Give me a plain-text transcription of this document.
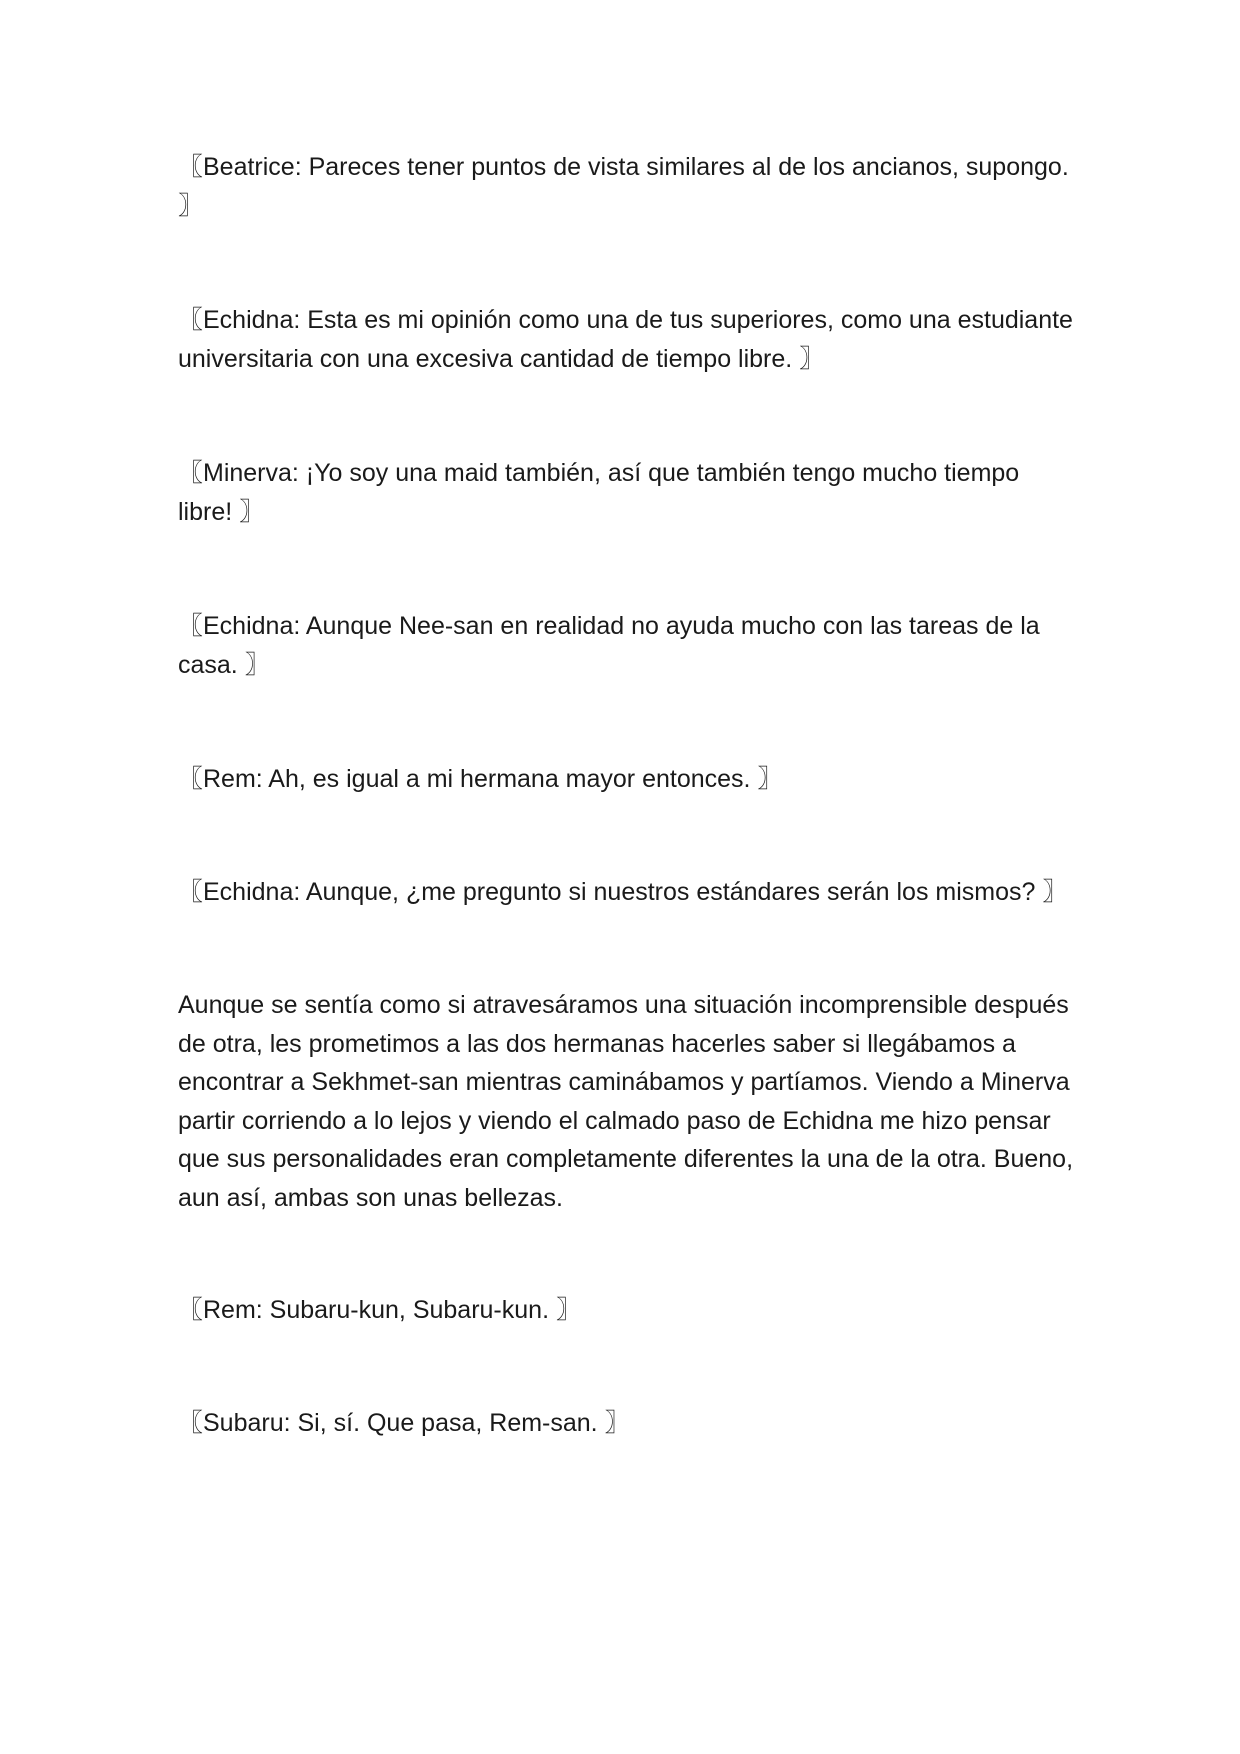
〖Beatrice: Pareces tener puntos de vista similares al de los ancianos, supongo. 〗

〖Echidna: Esta es mi opinión como una de tus superiores, como una estudiante universitaria con una excesiva cantidad de tiempo libre. 〗

〖Minerva: ¡Yo soy una maid también, así que también tengo mucho tiempo libre! 〗

〖Echidna: Aunque Nee-san en realidad no ayuda mucho con las tareas de la casa. 〗

〖Rem: Ah, es igual a mi hermana mayor entonces. 〗

〖Echidna: Aunque, ¿me pregunto si nuestros estándares serán los mismos? 〗

Aunque se sentía como si atravesáramos una situación incomprensible después de otra, les prometimos a las dos hermanas hacerles saber si llegábamos a encontrar a Sekhmet-san mientras caminábamos y partíamos. Viendo a Minerva partir corriendo a lo lejos y viendo el calmado paso de Echidna me hizo pensar que sus personalidades eran completamente diferentes la una de la otra. Bueno, aun así, ambas son unas bellezas.

〖Rem: Subaru-kun, Subaru-kun. 〗

〖Subaru: Si, sí. Que pasa, Rem-san. 〗
